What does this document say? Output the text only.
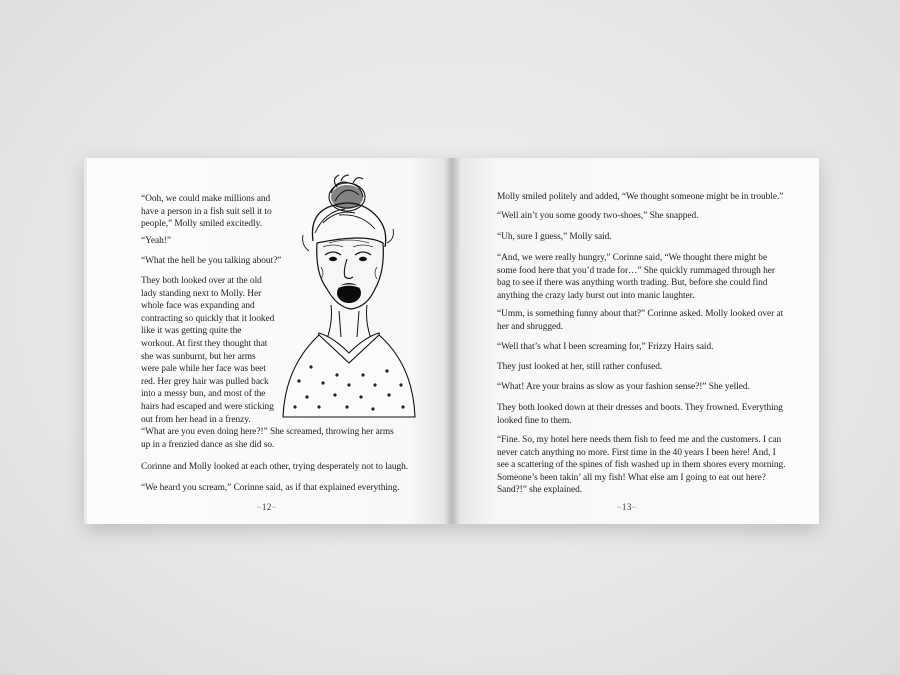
“Ooh, we could make millions and have a person in a fish suit sell it to people,” Molly smiled excitedly.

“Yeah!”

“What the hell be you talking about?”

They both looked over at the old lady standing next to Molly. Her whole face was expanding and contracting so quickly that it looked like it was getting quite the workout. At first they thought that she was sunburnt, but her arms were pale while her face was beet red. Her grey hair was pulled back into a messy bun, and most of the hairs had escaped and were sticking out from her head in a frenzy.

“What are you even doing here?!” She screamed, throwing her arms up in a frenzied dance as she did so.

Corinne and Molly looked at each other, trying desperately not to laugh.

“We heard you scream,” Corinne said, as if that explained everything.

~12~

Molly smiled politely and added, “We thought someone might be in trouble.”

“Well ain’t you some goody two-shoes,” She snapped.

“Uh, sure I guess,” Molly said.

“And, we were really hungry,” Corinne said, “We thought there might be some food here that you’d trade for…” She quickly rummaged through her bag to see if there was anything worth trading. But, before she could find anything the crazy lady burst out into manic laughter.

“Umm, is something funny about that?” Corinne asked. Molly looked over at her and shrugged.

“Well that’s what I been screaming for,” Frizzy Hairs said.

They just looked at her, still rather confused.

“What! Are your brains as slow as your fashion sense?!” She yelled.

They both looked down at their dresses and boots. They frowned. Everything looked fine to them.

“Fine. So, my hotel here needs them fish to feed me and the customers. I can never catch anything no more. First time in the 40 years I been here! And, I see a scattering of the spines of fish washed up in them shores every morning. Someone’s been takin’ all my fish! What else am I going to eat out here? Sand?!” she explained.

~13~
